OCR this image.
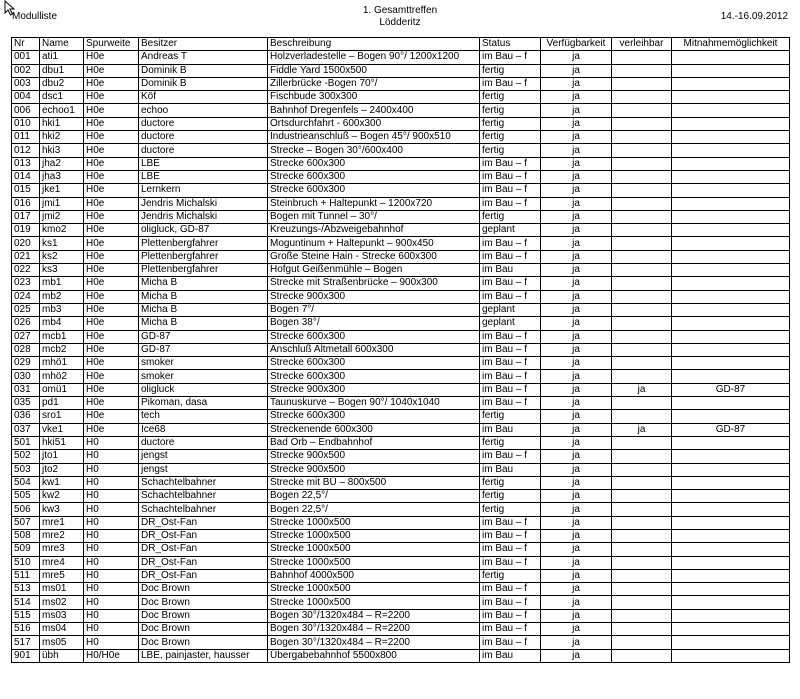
Modulliste
1. Gesamttreffen
Lödderitz
14.-16.09.2012
Nr	Name	Spurweite	Besitzer	Beschreibung	Status	Verfügbarkeit	verleihbar	Mitnahmemöglichkeit
001	ati1	H0e	Andreas T	Holzverladestelle – Bogen 90°/ 1200x1200	im Bau – f	ja		
002	dbu1	H0e	Dominik B	Fiddle Yard 1500x500	fertig	ja		
003	dbu2	H0e	Dominik B	Zillerbrücke -Bogen 70°/	im Bau – f	ja		
004	dsc1	H0e	Köf	Fischbude 300x300	fertig	ja		
006	echoo1	H0e	echoo	Bahnhof Dregenfels – 2400x400	fertig	ja		
010	hki1	H0e	ductore	Ortsdurchfahrt - 600x300	fertig	ja		
011	hki2	H0e	ductore	Industrieanschluß – Bogen 45°/ 900x510	fertig	ja		
012	hki3	H0e	ductore	Strecke – Bogen 30°/600x400	fertig	ja		
013	jha2	H0e	LBE	Strecke 600x300	im Bau – f	ja		
014	jha3	H0e	LBE	Strecke 600x300	im Bau – f	ja		
015	jke1	H0e	Lernkern	Strecke 600x300	im Bau – f	ja		
016	jmi1	H0e	Jendris Michalski	Steinbruch + Haltepunkt – 1200x720	im Bau – f	ja		
017	jmi2	H0e	Jendris Michalski	Bogen mit Tunnel – 30°/	fertig	ja		
019	kmo2	H0e	oligluck, GD-87	Kreuzungs-/Abzweigebahnhof	geplant	ja		
020	ks1	H0e	Plettenbergfahrer	Moguntinum + Haltepunkt – 900x450	im Bau – f	ja		
021	ks2	H0e	Plettenbergfahrer	Große Steine Hain - Strecke 600x300	im Bau – f	ja		
022	ks3	H0e	Plettenbergfahrer	Hofgut Geißenmühle – Bogen	im Bau	ja		
023	mb1	H0e	Micha B	Strecke mit Straßenbrücke – 900x300	im Bau – f	ja		
024	mb2	H0e	Micha B	Strecke 900x300	im Bau – f	ja		
025	mb3	H0e	Micha B	Bogen 7°/	geplant	ja		
026	mb4	H0e	Micha B	Bogen 38°/	geplant	ja		
027	mcb1	H0e	GD-87	Strecke 600x300	im Bau – f	ja		
028	mcb2	H0e	GD-87	Anschluß Altmetall 600x300	im Bau – f	ja		
029	mhö1	H0e	smoker	Strecke 600x300	im Bau – f	ja		
030	mhö2	H0e	smoker	Strecke 600x300	im Bau – f	ja		
031	omü1	H0e	oligluck	Strecke 900x300	im Bau – f	ja	ja	GD-87
035	pd1	H0e	Pikoman, dasa	Taunuskurve – Bogen 90°/ 1040x1040	im Bau – f	ja		
036	sro1	H0e	tech	Strecke 600x300	fertig	ja		
037	vke1	H0e	Ice68	Streckenende 600x300	im Bau	ja	ja	GD-87
501	hki51	H0	ductore	Bad Orb – Endbahnhof	fertig	ja		
502	jto1	H0	jengst	Strecke 900x500	im Bau – f	ja		
503	jto2	H0	jengst	Strecke 900x500	im Bau	ja		
504	kw1	H0	Schachtelbahner	Strecke mit BÜ – 800x500	fertig	ja		
505	kw2	H0	Schachtelbahner	Bogen 22,5°/	fertig	ja		
506	kw3	H0	Schachtelbahner	Bogen 22,5°/	fertig	ja		
507	mre1	H0	DR_Ost-Fan	Strecke 1000x500	im Bau – f	ja		
508	mre2	H0	DR_Ost-Fan	Strecke 1000x500	im Bau – f	ja		
509	mre3	H0	DR_Ost-Fan	Strecke 1000x500	im Bau – f	ja		
510	mre4	H0	DR_Ost-Fan	Strecke 1000x500	im Bau – f	ja		
511	mre5	H0	DR_Ost-Fan	Bahnhof 4000x500	fertig	ja		
513	ms01	H0	Doc Brown	Strecke 1000x500	im Bau – f	ja		
514	ms02	H0	Doc Brown	Strecke 1000x500	im Bau – f	ja		
515	ms03	H0	Doc Brown	Bogen 30°/1320x484 – R=2200	im Bau – f	ja		
516	ms04	H0	Doc Brown	Bogen 30°/1320x484 – R=2200	im Bau – f	ja		
517	ms05	H0	Doc Brown	Bogen 30°/1320x484 – R=2200	im Bau – f	ja		
901	übh	H0/H0e	LBE, painjaster, hausser	Übergabebahnhof 5500x800	im Bau	ja		
